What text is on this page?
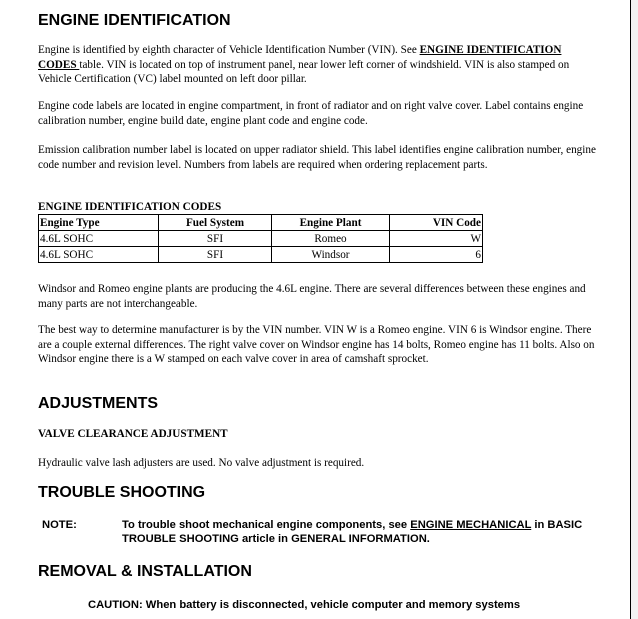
ENGINE IDENTIFICATION

Engine is identified by eighth character of Vehicle Identification Number (VIN). See ENGINE IDENTIFICATION CODES table. VIN is located on top of instrument panel, near lower left corner of windshield. VIN is also stamped on Vehicle Certification (VC) label mounted on left door pillar.

Engine code labels are located in engine compartment, in front of radiator and on right valve cover. Label contains engine calibration number, engine build date, engine plant code and engine code.

Emission calibration number label is located on upper radiator shield. This label identifies engine calibration number, engine code number and revision level. Numbers from labels are required when ordering replacement parts.

ENGINE IDENTIFICATION CODES
Engine Type	Fuel System	Engine Plant	VIN Code
4.6L SOHC	SFI	Romeo	W
4.6L SOHC	SFI	Windsor	6

Windsor and Romeo engine plants are producing the 4.6L engine. There are several differences between these engines and many parts are not interchangeable.

The best way to determine manufacturer is by the VIN number. VIN W is a Romeo engine. VIN 6 is Windsor engine. There are a couple external differences. The right valve cover on Windsor engine has 14 bolts, Romeo engine has 11 bolts. Also on Windsor engine there is a W stamped on each valve cover in area of camshaft sprocket.

ADJUSTMENTS
VALVE CLEARANCE ADJUSTMENT

Hydraulic valve lash adjusters are used. No valve adjustment is required.

TROUBLE SHOOTING
NOTE:	To trouble shoot mechanical engine components, see ENGINE MECHANICAL in BASIC TROUBLE SHOOTING article in GENERAL INFORMATION.
REMOVAL & INSTALLATION
CAUTION: When battery is disconnected, vehicle computer and memory systems
